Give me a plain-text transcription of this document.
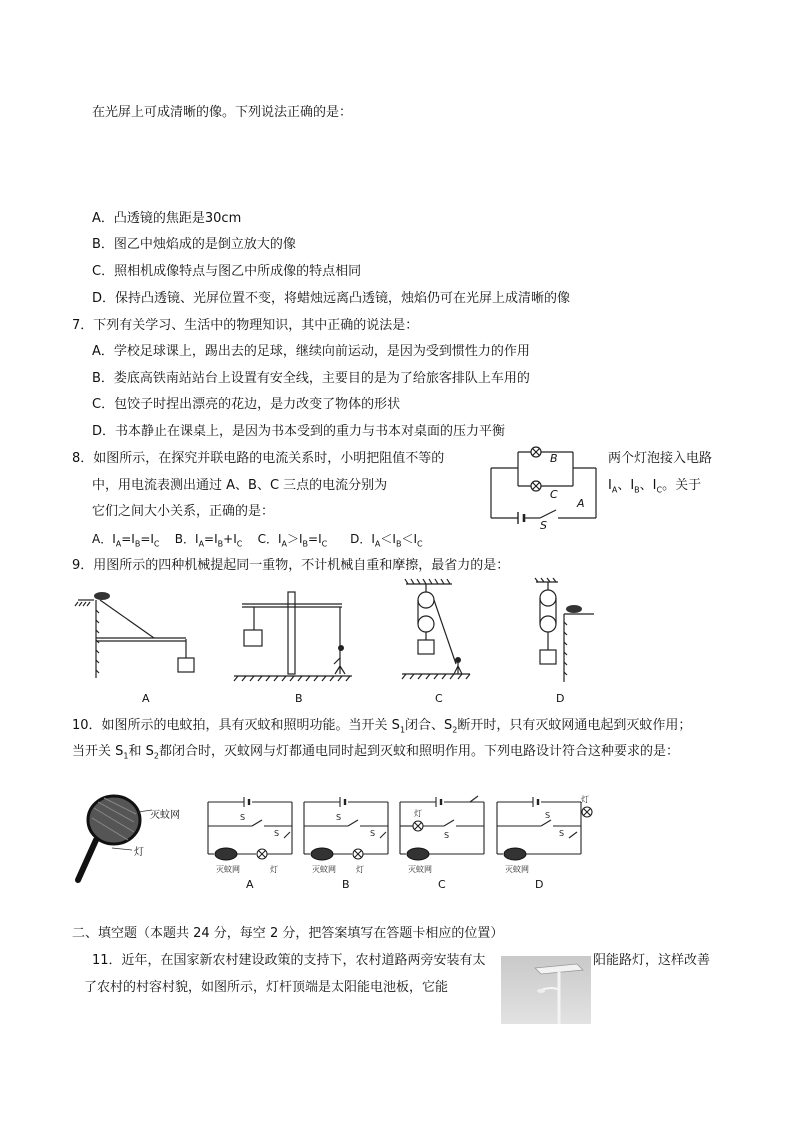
在光屏上可成清晰的像。下列说法正确的是：
A．凸透镜的焦距是30cm
B．图乙中烛焰成的是倒立放大的像
C．照相机成像特点与图乙中所成像的特点相同
D．保持凸透镜、光屏位置不变，将蜡烛远离凸透镜，烛焰仍可在光屏上成清晰的像
7．下列有关学习、生活中的物理知识，其中正确的说法是：
A．学校足球课上，踢出去的足球，继续向前运动，是因为受到惯性力的作用
B．娄底高铁南站站台上设置有安全线，主要目的是为了给旅客排队上车用的
C．包饺子时捏出漂亮的花边，是力改变了物体的形状
D．书本静止在课桌上，是因为书本受到的重力与书本对桌面的压力平衡
8．如图所示，在探究并联电路的电流关系时，小明把阻值不等的	两个灯泡接入电路
中，用电流表测出通过 A、B、C 三点的电流分别为	$I_A$、$I_B$、$I_C$。关于
它们之间大小关系，正确的是：
A．$I_A=I_B=I_C$ B．$I_A=I_B+I_C$ C．$I_A>I_B=I_C$ D．$I_A<I_B<I_C$
B
C
A
S
9．用图所示的四种机械提起同一重物，不计机械自重和摩擦，最省力的是：
A	B	C	D
10．如图所示的电蚊拍，具有灭蚊和照明功能。当开关 $S_1$闭合、$S_2$断开时，只有灭蚊网通电起到灭蚊作用；
当开关 $S_1$和 $S_2$都闭合时，灭蚊网与灯都通电同时起到灭蚊和照明作用。下列电路设计符合这种要求的是：
灭蚊网
灯
灭蚊网	灯
S
S
灭蚊网	灯
S
S
灭蚊网
灯
S
灭蚊网
S
灯
S
A	B	C	D
二、填空题（本题共 24 分，每空 2 分，把答案填写在答题卡相应的位置）
11．近年，在国家新农村建设政策的支持下，农村道路两旁安装有太	阳能路灯，这样改善
了农村的村容村貌，如图所示，灯杆顶端是太阳能电池板，它能
